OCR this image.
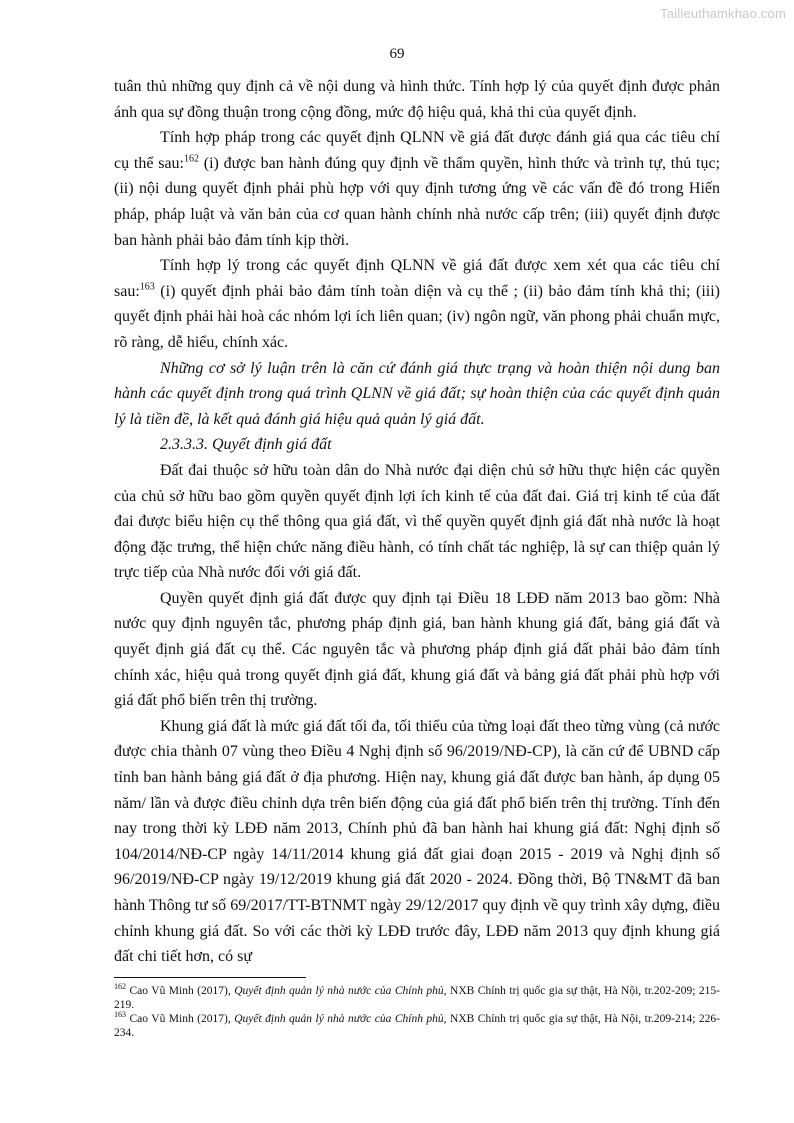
Tailieuthamkhao.com
69

tuân thủ những quy định cả về nội dung và hình thức. Tính hợp lý của quyết định được phản ánh qua sự đồng thuận trong cộng đồng, mức độ hiệu quả, khả thi của quyết định.

Tính hợp pháp trong các quyết định QLNN về giá đất được đánh giá qua các tiêu chí cụ thể sau:$^{162}$ (i) được ban hành đúng quy định về thẩm quyền, hình thức và trình tự, thủ tục; (ii) nội dung quyết định phải phù hợp với quy định tương ứng về các vấn đề đó trong Hiến pháp, pháp luật và văn bản của cơ quan hành chính nhà nước cấp trên; (iii) quyết định được ban hành phải bảo đảm tính kịp thời.

Tính hợp lý trong các quyết định QLNN về giá đất được xem xét qua các tiêu chí sau:$^{163}$ (i) quyết định phải bảo đảm tính toàn diện và cụ thể ; (ii) bảo đảm tính khả thi; (iii) quyết định phải hài hoà các nhóm lợi ích liên quan; (iv) ngôn ngữ, văn phong phải chuẩn mực, rõ ràng, dễ hiểu, chính xác.

Những cơ sở lý luận trên là căn cứ đánh giá thực trạng và hoàn thiện nội dung ban hành các quyết định trong quá trình QLNN về giá đất; sự hoàn thiện của các quyết định quản lý là tiền đề, là kết quả đánh giá hiệu quả quản lý giá đất.

2.3.3.3. Quyết định giá đất

Đất đai thuộc sở hữu toàn dân do Nhà nước đại diện chủ sở hữu thực hiện các quyền của chủ sở hữu bao gồm quyền quyết định lợi ích kinh tế của đất đai. Giá trị kinh tế của đất đai được biểu hiện cụ thể thông qua giá đất, vì thế quyền quyết định giá đất nhà nước là hoạt động đặc trưng, thể hiện chức năng điều hành, có tính chất tác nghiệp, là sự can thiệp quản lý trực tiếp của Nhà nước đối với giá đất.

Quyền quyết định giá đất được quy định tại Điều 18 LĐĐ năm 2013 bao gồm: Nhà nước quy định nguyên tắc, phương pháp định giá, ban hành khung giá đất, bảng giá đất và quyết định giá đất cụ thể. Các nguyên tắc và phương pháp định giá đất phải bảo đảm tính chính xác, hiệu quả trong quyết định giá đất, khung giá đất và bảng giá đất phải phù hợp với giá đất phổ biến trên thị trường.

Khung giá đất là mức giá đất tối đa, tối thiểu của từng loại đất theo từng vùng (cả nước được chia thành 07 vùng theo Điều 4 Nghị định số 96/2019/NĐ-CP), là căn cứ để UBND cấp tỉnh ban hành bảng giá đất ở địa phương. Hiện nay, khung giá đất được ban hành, áp dụng 05 năm/ lần và được điều chỉnh dựa trên biến động của giá đất phổ biến trên thị trường. Tính đến nay trong thời kỳ LĐĐ năm 2013, Chính phủ đã ban hành hai khung giá đất: Nghị định số 104/2014/NĐ-CP ngày 14/11/2014 khung giá đất giai đoạn 2015 - 2019 và Nghị định số 96/2019/NĐ-CP ngày 19/12/2019 khung giá đất 2020 - 2024. Đồng thời, Bộ TN&MT đã ban hành Thông tư số 69/2017/TT-BTNMT ngày 29/12/2017 quy định về quy trình xây dựng, điều chỉnh khung giá đất. So với các thời kỳ LĐĐ trước đây, LĐĐ năm 2013 quy định khung giá đất chi tiết hơn, có sự

$^{162}$ Cao Vũ Minh (2017), Quyết định quản lý nhà nước của Chính phủ, NXB Chính trị quốc gia sự thật, Hà Nội, tr.202-209; 215-219.

$^{163}$ Cao Vũ Minh (2017), Quyết định quản lý nhà nước của Chính phủ, NXB Chính trị quốc gia sự thật, Hà Nội, tr.209-214; 226-234.
